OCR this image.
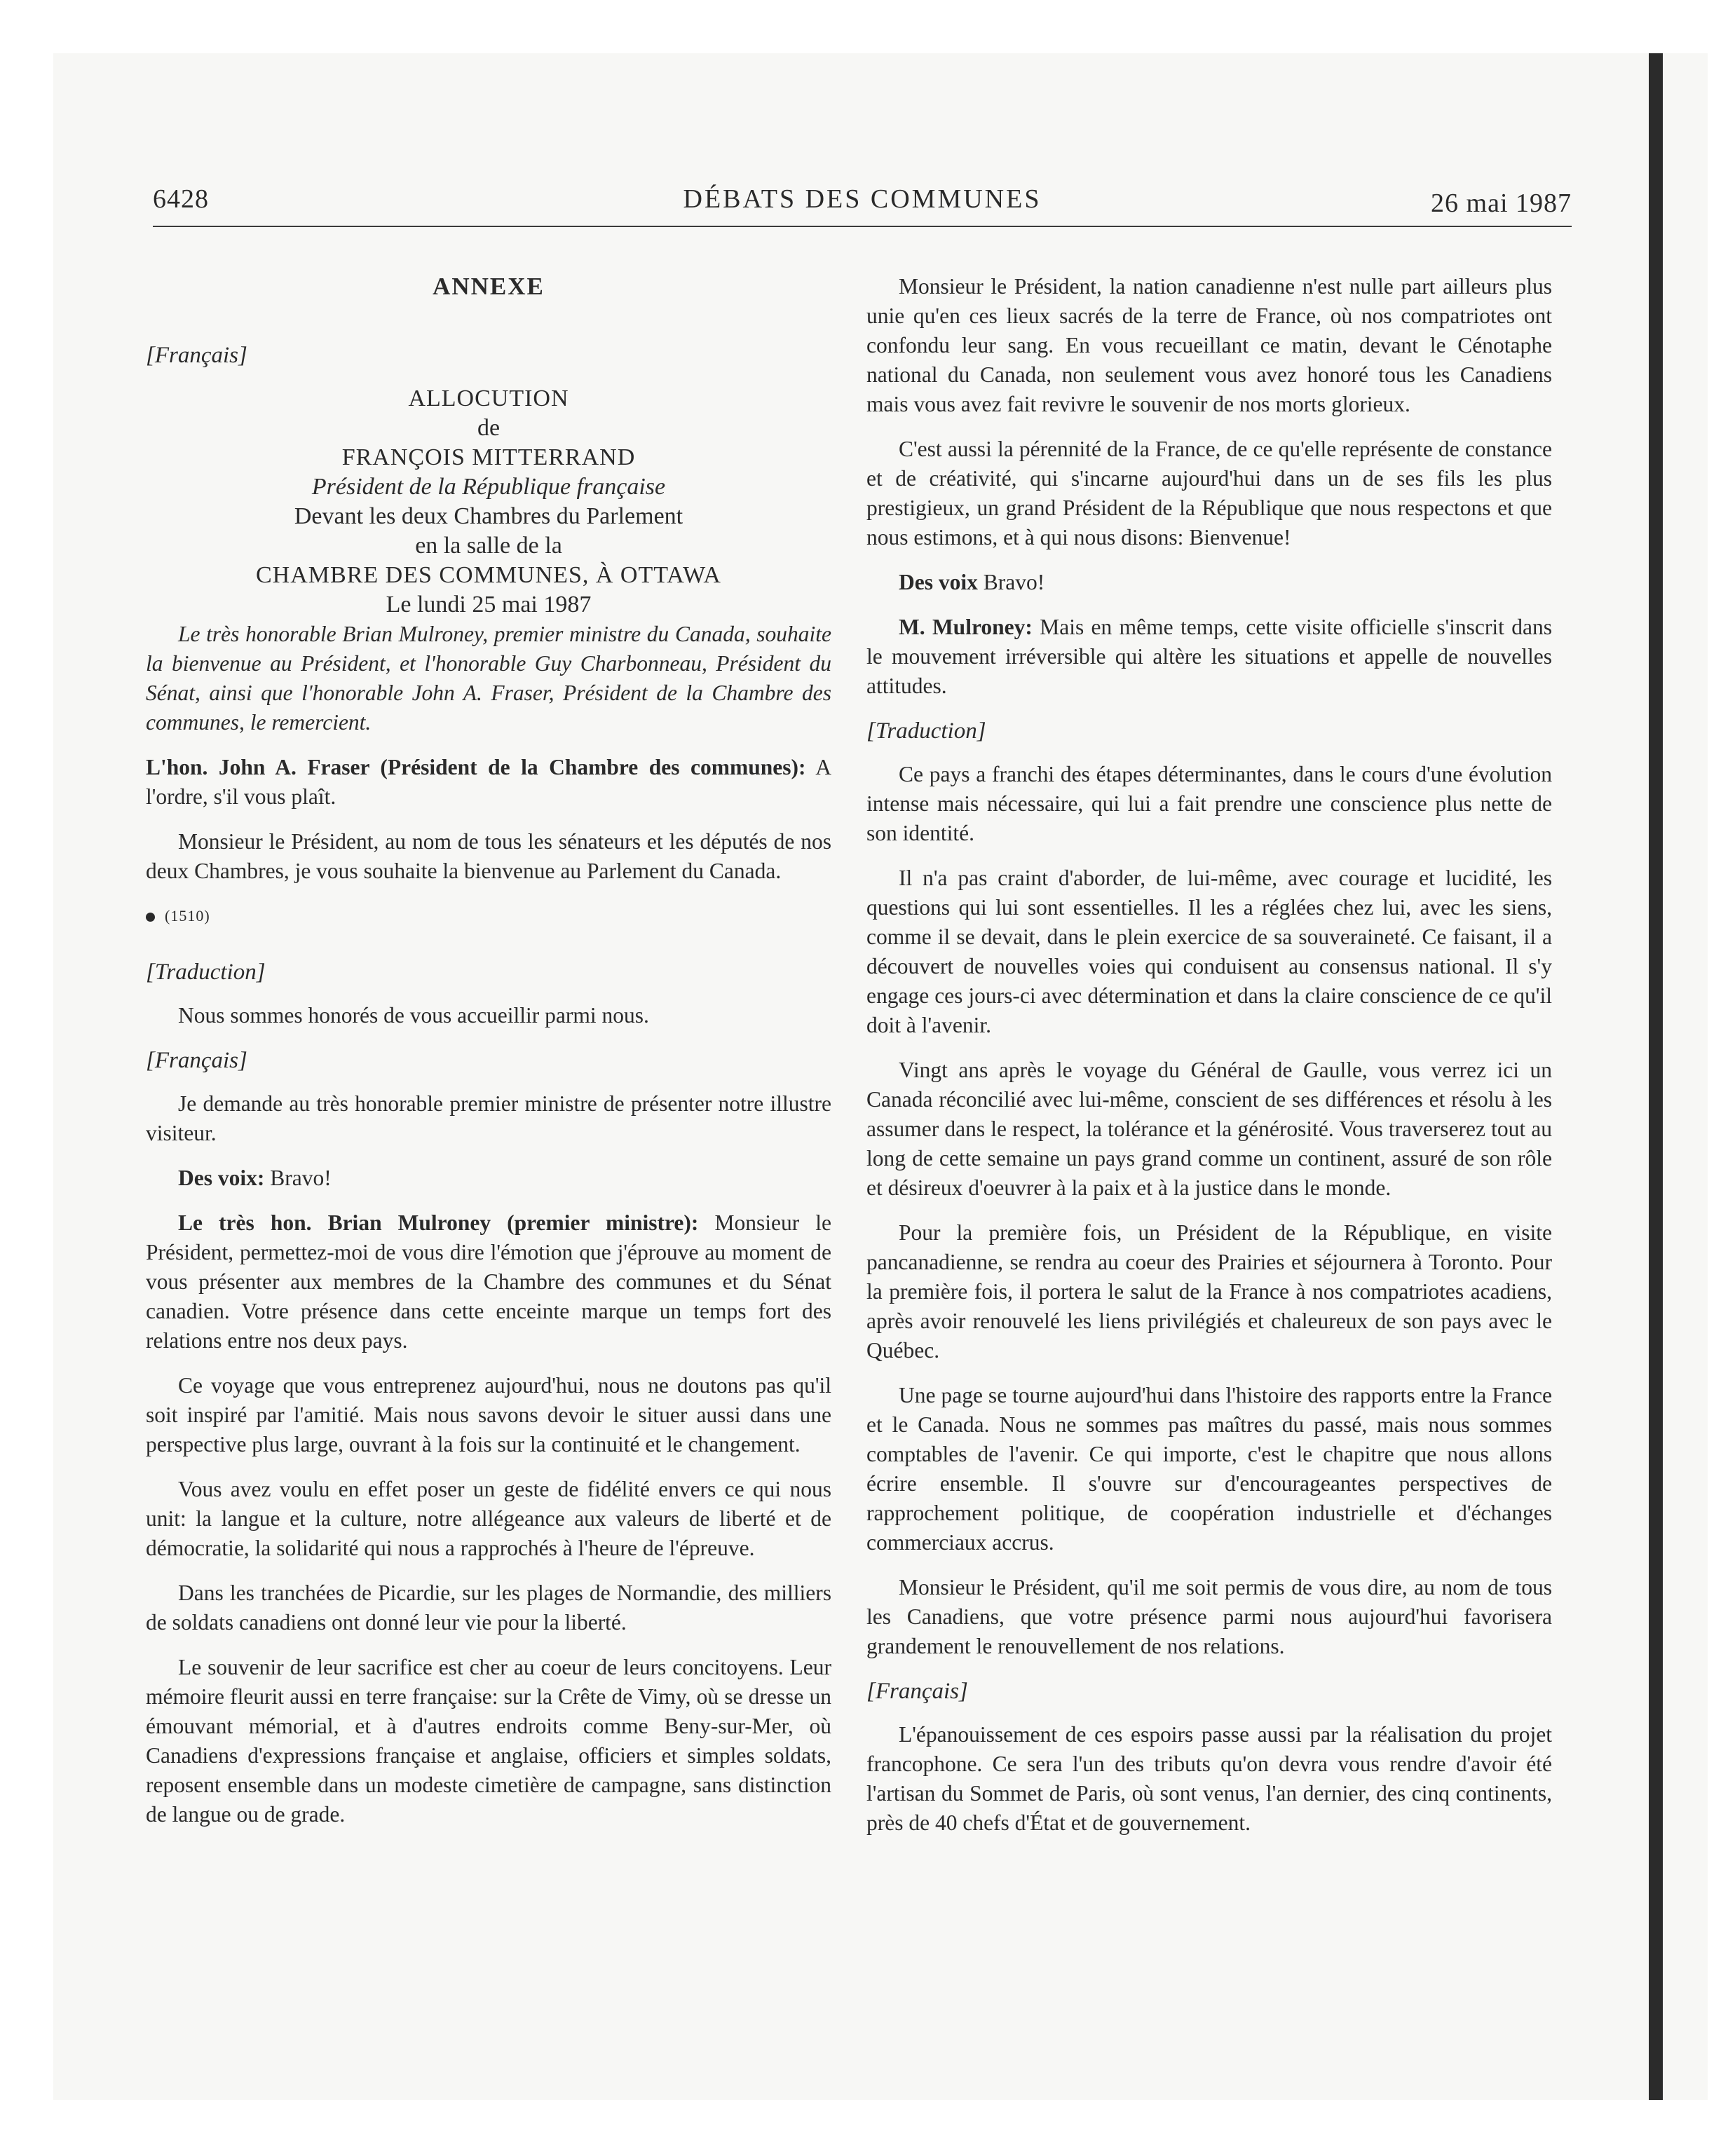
6428	DÉBATS DES COMMUNES	26 mai 1987
ANNEXE
[Français]
ALLOCUTION
de
FRANÇOIS MITTERRAND
Président de la République française
Devant les deux Chambres du Parlement
en la salle de la
CHAMBRE DES COMMUNES, À OTTAWA
Le lundi 25 mai 1987

Le très honorable Brian Mulroney, premier ministre du Canada, souhaite la bienvenue au Président, et l'honorable Guy Charbonneau, Président du Sénat, ainsi que l'honorable John A. Fraser, Président de la Chambre des communes, le remercient.

L'hon. John A. Fraser (Président de la Chambre des communes): A l'ordre, s'il vous plaît.

Monsieur le Président, au nom de tous les sénateurs et les députés de nos deux Chambres, je vous souhaite la bienvenue au Parlement du Canada.

(1510)
[Traduction]

Nous sommes honorés de vous accueillir parmi nous.

[Français]

Je demande au très honorable premier ministre de présenter notre illustre visiteur.

Des voix: Bravo!

Le très hon. Brian Mulroney (premier ministre): Monsieur le Président, permettez-moi de vous dire l'émotion que j'éprouve au moment de vous présenter aux membres de la Chambre des communes et du Sénat canadien. Votre présence dans cette enceinte marque un temps fort des relations entre nos deux pays.

Ce voyage que vous entreprenez aujourd'hui, nous ne doutons pas qu'il soit inspiré par l'amitié. Mais nous savons devoir le situer aussi dans une perspective plus large, ouvrant à la fois sur la continuité et le changement.

Vous avez voulu en effet poser un geste de fidélité envers ce qui nous unit: la langue et la culture, notre allégeance aux valeurs de liberté et de démocratie, la solidarité qui nous a rapprochés à l'heure de l'épreuve.

Dans les tranchées de Picardie, sur les plages de Normandie, des milliers de soldats canadiens ont donné leur vie pour la liberté.

Le souvenir de leur sacrifice est cher au coeur de leurs concitoyens. Leur mémoire fleurit aussi en terre française: sur la Crête de Vimy, où se dresse un émouvant mémorial, et à d'autres endroits comme Beny-sur-Mer, où Canadiens d'expressions française et anglaise, officiers et simples soldats, reposent ensemble dans un modeste cimetière de campagne, sans distinction de langue ou de grade.

Monsieur le Président, la nation canadienne n'est nulle part ailleurs plus unie qu'en ces lieux sacrés de la terre de France, où nos compatriotes ont confondu leur sang. En vous recueillant ce matin, devant le Cénotaphe national du Canada, non seulement vous avez honoré tous les Canadiens mais vous avez fait revivre le souvenir de nos morts glorieux.

C'est aussi la pérennité de la France, de ce qu'elle représente de constance et de créativité, qui s'incarne aujourd'hui dans un de ses fils les plus prestigieux, un grand Président de la République que nous respectons et que nous estimons, et à qui nous disons: Bienvenue!

Des voix Bravo!

M. Mulroney: Mais en même temps, cette visite officielle s'inscrit dans le mouvement irréversible qui altère les situations et appelle de nouvelles attitudes.

[Traduction]

Ce pays a franchi des étapes déterminantes, dans le cours d'une évolution intense mais nécessaire, qui lui a fait prendre une conscience plus nette de son identité.

Il n'a pas craint d'aborder, de lui-même, avec courage et lucidité, les questions qui lui sont essentielles. Il les a réglées chez lui, avec les siens, comme il se devait, dans le plein exercice de sa souveraineté. Ce faisant, il a découvert de nouvelles voies qui conduisent au consensus national. Il s'y engage ces jours-ci avec détermination et dans la claire conscience de ce qu'il doit à l'avenir.

Vingt ans après le voyage du Général de Gaulle, vous verrez ici un Canada réconcilié avec lui-même, conscient de ses différences et résolu à les assumer dans le respect, la tolérance et la générosité. Vous traverserez tout au long de cette semaine un pays grand comme un continent, assuré de son rôle et désireux d'oeuvrer à la paix et à la justice dans le monde.

Pour la première fois, un Président de la République, en visite pancanadienne, se rendra au coeur des Prairies et séjournera à Toronto. Pour la première fois, il portera le salut de la France à nos compatriotes acadiens, après avoir renouvelé les liens privilégiés et chaleureux de son pays avec le Québec.

Une page se tourne aujourd'hui dans l'histoire des rapports entre la France et le Canada. Nous ne sommes pas maîtres du passé, mais nous sommes comptables de l'avenir. Ce qui importe, c'est le chapitre que nous allons écrire ensemble. Il s'ouvre sur d'encourageantes perspectives de rapprochement politique, de coopération industrielle et d'échanges commerciaux accrus.

Monsieur le Président, qu'il me soit permis de vous dire, au nom de tous les Canadiens, que votre présence parmi nous aujourd'hui favorisera grandement le renouvellement de nos relations.

[Français]

L'épanouissement de ces espoirs passe aussi par la réalisation du projet francophone. Ce sera l'un des tributs qu'on devra vous rendre d'avoir été l'artisan du Sommet de Paris, où sont venus, l'an dernier, des cinq continents, près de 40 chefs d'État et de gouvernement.
